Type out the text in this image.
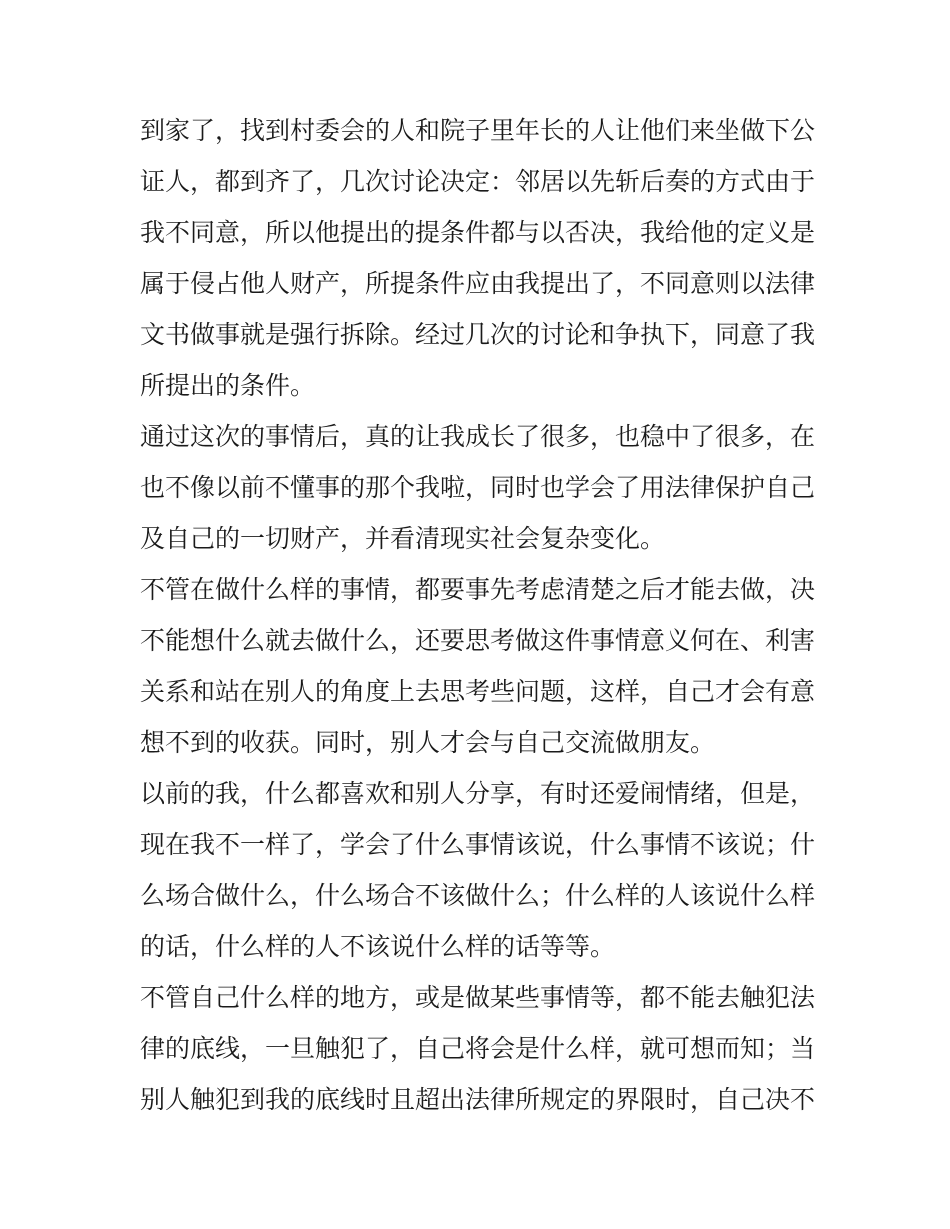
到家了，找到村委会的人和院子里年长的人让他们来坐做下公
证人，都到齐了，几次讨论决定：邻居以先斩后奏的方式由于
我不同意，所以他提出的提条件都与以否决，我给他的定义是
属于侵占他人财产，所提条件应由我提出了，不同意则以法律
文书做事就是强行拆除。经过几次的讨论和争执下，同意了我
所提出的条件。
通过这次的事情后，真的让我成长了很多，也稳中了很多，在
也不像以前不懂事的那个我啦，同时也学会了用法律保护自己
及自己的一切财产，并看清现实社会复杂变化。
不管在做什么样的事情，都要事先考虑清楚之后才能去做，决
不能想什么就去做什么，还要思考做这件事情意义何在、利害
关系和站在别人的角度上去思考些问题，这样，自己才会有意
想不到的收获。同时，别人才会与自己交流做朋友。
以前的我，什么都喜欢和别人分享，有时还爱闹情绪，但是，
现在我不一样了，学会了什么事情该说，什么事情不该说；什
么场合做什么，什么场合不该做什么；什么样的人该说什么样
的话，什么样的人不该说什么样的话等等。
不管自己什么样的地方，或是做某些事情等，都不能去触犯法
律的底线，一旦触犯了，自己将会是什么样，就可想而知；当
别人触犯到我的底线时且超出法律所规定的界限时，自己决不
